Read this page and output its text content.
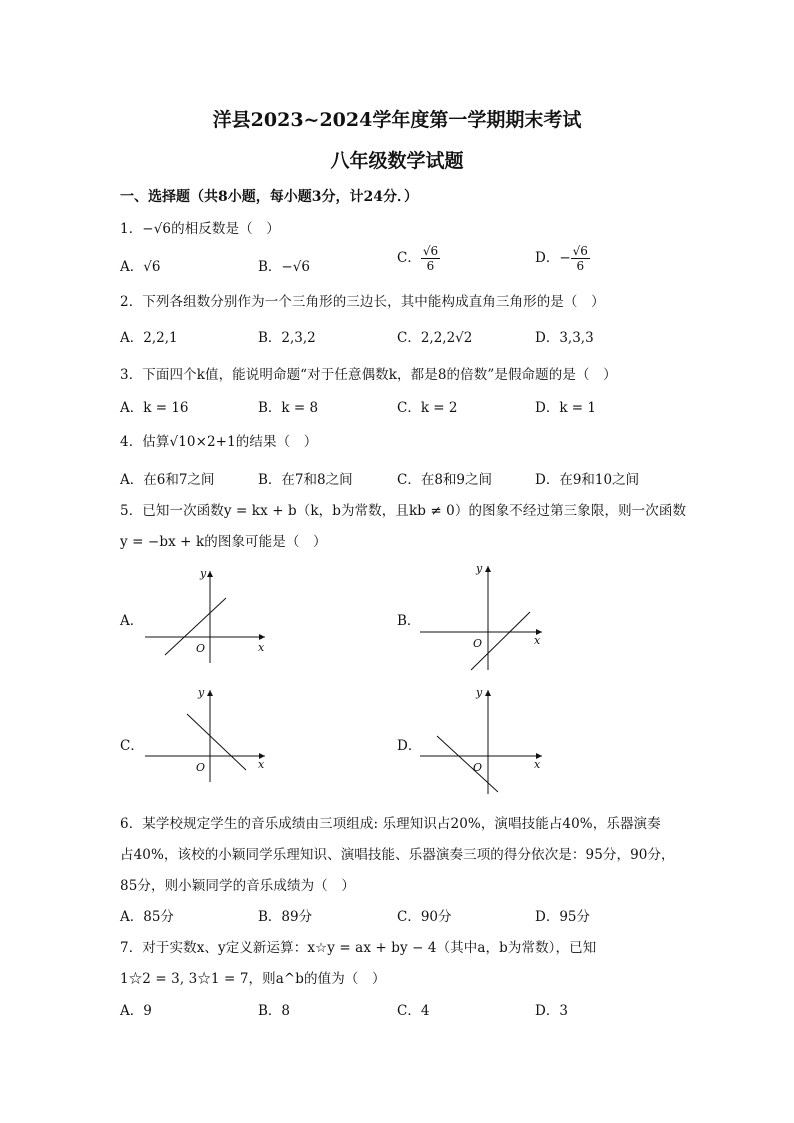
洋县2023~2024学年度第一学期期末考试
八年级数学试题
一、选择题（共8小题，每小题3分，计24分．）
1．−√6的相反数是（　）
A．√6	B．−√6
C． $\frac{√6}{6}$	D．− $\frac{√6}{6}$
2．下列各组数分别作为一个三角形的三边长，其中能构成直角三角形的是（　）
A．2,2,1	B．2,3,2	C．2,2,2√2	D．3,3,3
3．下面四个k值，能说明命题“对于任意偶数k，都是8的倍数”是假命题的是（　）
A．k = 16	B．k = 8	C．k = 2	D．k = 1
4．估算√10×2+1的结果（　）
A．在6和7之间	B．在7和8之间	C．在8和9之间	D．在9和10之间
5．已知一次函数y = kx + b（k，b为常数，且kb ≠ 0）的图象不经过第三象限，则一次函数
y = −bx + k的图象可能是（　）
A．	B．
C．	D．
x
y
O
x
y
O
x
y
O	x
y
O
6．某学校规定学生的音乐成绩由三项组成: 乐理知识占20%，演唱技能占40%，乐器演奏
占40%，该校的小颖同学乐理知识、演唱技能、乐器演奏三项的得分依次是：95分，90分，
85分，则小颖同学的音乐成绩为（　）
A．85分	B．89分	C．90分	D．95分
7．对于实数x、y定义新运算：x☆y = ax + by − 4（其中a，b为常数），已知
1☆2 = 3, 3☆1 = 7，则a^b的值为（　）
A．9	B．8	C．4	D．3
